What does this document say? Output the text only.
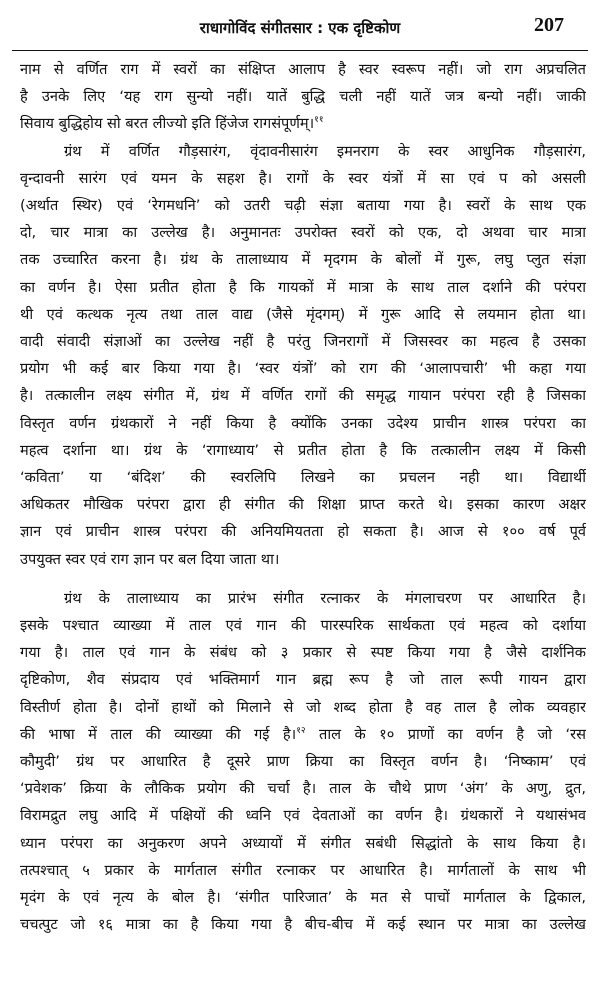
राधागोविंद संगीतसार : एक दृष्टिकोण	207
नाम से वर्णित राग में स्वरों का संक्षिप्त आलाप है स्वर स्वरूप नहीं। जो राग अप्रचलित
है उनके लिए ‘यह राग सुन्यो नहीं। यातें बुद्धि चली नहीं यातें जत्र बन्यो नहीं। जाकी
सिवाय बुद्धिहोय सो बरत लीज्यो इति हिंजेज रागसंपूर्णम्।$^{११}$
ग्रंथ में वर्णित गौड़सारंग, वृंदावनीसारंग इमनराग के स्वर आधुनिक गौड़सारंग,
वृन्दावनी सारंग एवं यमन के सहश है। रागों के स्वर यंत्रों में सा एवं प को असली
(अर्थात स्थिर) एवं ‘रेगमधनि’ को उतरी चढ़ी संज्ञा बताया गया है। स्वरों के साथ एक
दो, चार मात्रा का उल्लेख है। अनुमानतः उपरोक्त स्वरों को एक, दो अथवा चार मात्रा
तक उच्चारित करना है। ग्रंथ के तालाध्याय में मृदगम के बोलों में गुरू, लघु प्लुत संज्ञा
का वर्णन है। ऐसा प्रतीत होता है कि गायकों में मात्रा के साथ ताल दर्शाने की परंपरा
थी एवं कत्थक नृत्य तथा ताल वाद्य (जैसे मृंदगम्) में गुरू आदि से लयमान होता था।
वादी संवादी संज्ञाओं का उल्लेख नहीं है परंतु जिनरागों में जिसस्वर का महत्व है उसका
प्रयोग भी कई बार किया गया है। ‘स्वर यंत्रों’ को राग की ‘आलापचारी’ भी कहा गया
है। तत्कालीन लक्ष्य संगीत में, ग्रंथ में वर्णित रागों की समृद्ध गायान परंपरा रही है जिसका
विस्तृत वर्णन ग्रंथकारों ने नहीं किया है क्योंकि उनका उदेश्य प्राचीन शास्त्र परंपरा का
महत्व दर्शाना था। ग्रंथ के ‘रागाध्याय’ से प्रतीत होता है कि तत्कालीन लक्ष्य में किसी
‘कविता’ या ‘बंदिश’ की स्वरलिपि लिखने का प्रचलन नही था। विद्यार्थी
अधिकतर मौखिक परंपरा द्वारा ही संगीत की शिक्षा प्राप्त करते थे। इसका कारण अक्षर
ज्ञान एवं प्राचीन शास्त्र परंपरा की अनियमियतता हो सकता है। आज से १०० वर्ष पूर्व
उपयुक्त स्वर एवं राग ज्ञान पर बल दिया जाता था।
ग्रंथ के तालाध्याय का प्रारंभ संगीत रत्नाकर के मंगलाचरण पर आधारित है।
इसके पश्चात व्याख्या में ताल एवं गान की पारस्परिक सार्थकता एवं महत्व को दर्शाया
गया है। ताल एवं गान के संबंध को ३ प्रकार से स्पष्ट किया गया है जैसे दार्शनिक
दृष्टिकोण, शैव संप्रदाय एवं भक्तिमार्ग गान ब्रह्म रूप है जो ताल रूपी गायन द्वारा
विस्तीर्ण होता है। दोनों हाथों को मिलाने से जो शब्द होता है वह ताल है लोक व्यवहार
की भाषा में ताल की व्याख्या की गई है।$^{१२}$ ताल के १० प्राणों का वर्णन है जो ‘रस
कौमुदी’ ग्रंथ पर आधारित है दूसरे प्राण क्रिया का विस्तृत वर्णन है। ‘निष्काम’ एवं
‘प्रवेशक’ क्रिया के लौकिक प्रयोग की चर्चा है। ताल के चौथे प्राण ‘अंग’ के अणु, द्रुत,
विरामद्रुत लघु आदि में पक्षियों की ध्वनि एवं देवताओं का वर्णन है। ग्रंथकारों ने यथासंभव
ध्यान परंपरा का अनुकरण अपने अध्यायों में संगीत सबंधी सिद्धांतो के साथ किया है।
तत्पश्चात् ५ प्रकार के मार्गताल संगीत रत्नाकर पर आधारित है। मार्गतालों के साथ भी
मृदंग के एवं नृत्य के बोल है। ‘संगीत पारिजात’ के मत से पाचों मार्गताल के द्विकाल,
चचत्पुट जो १६ मात्रा का है किया गया है बीच-बीच में कई स्थान पर मात्रा का उल्लेख
